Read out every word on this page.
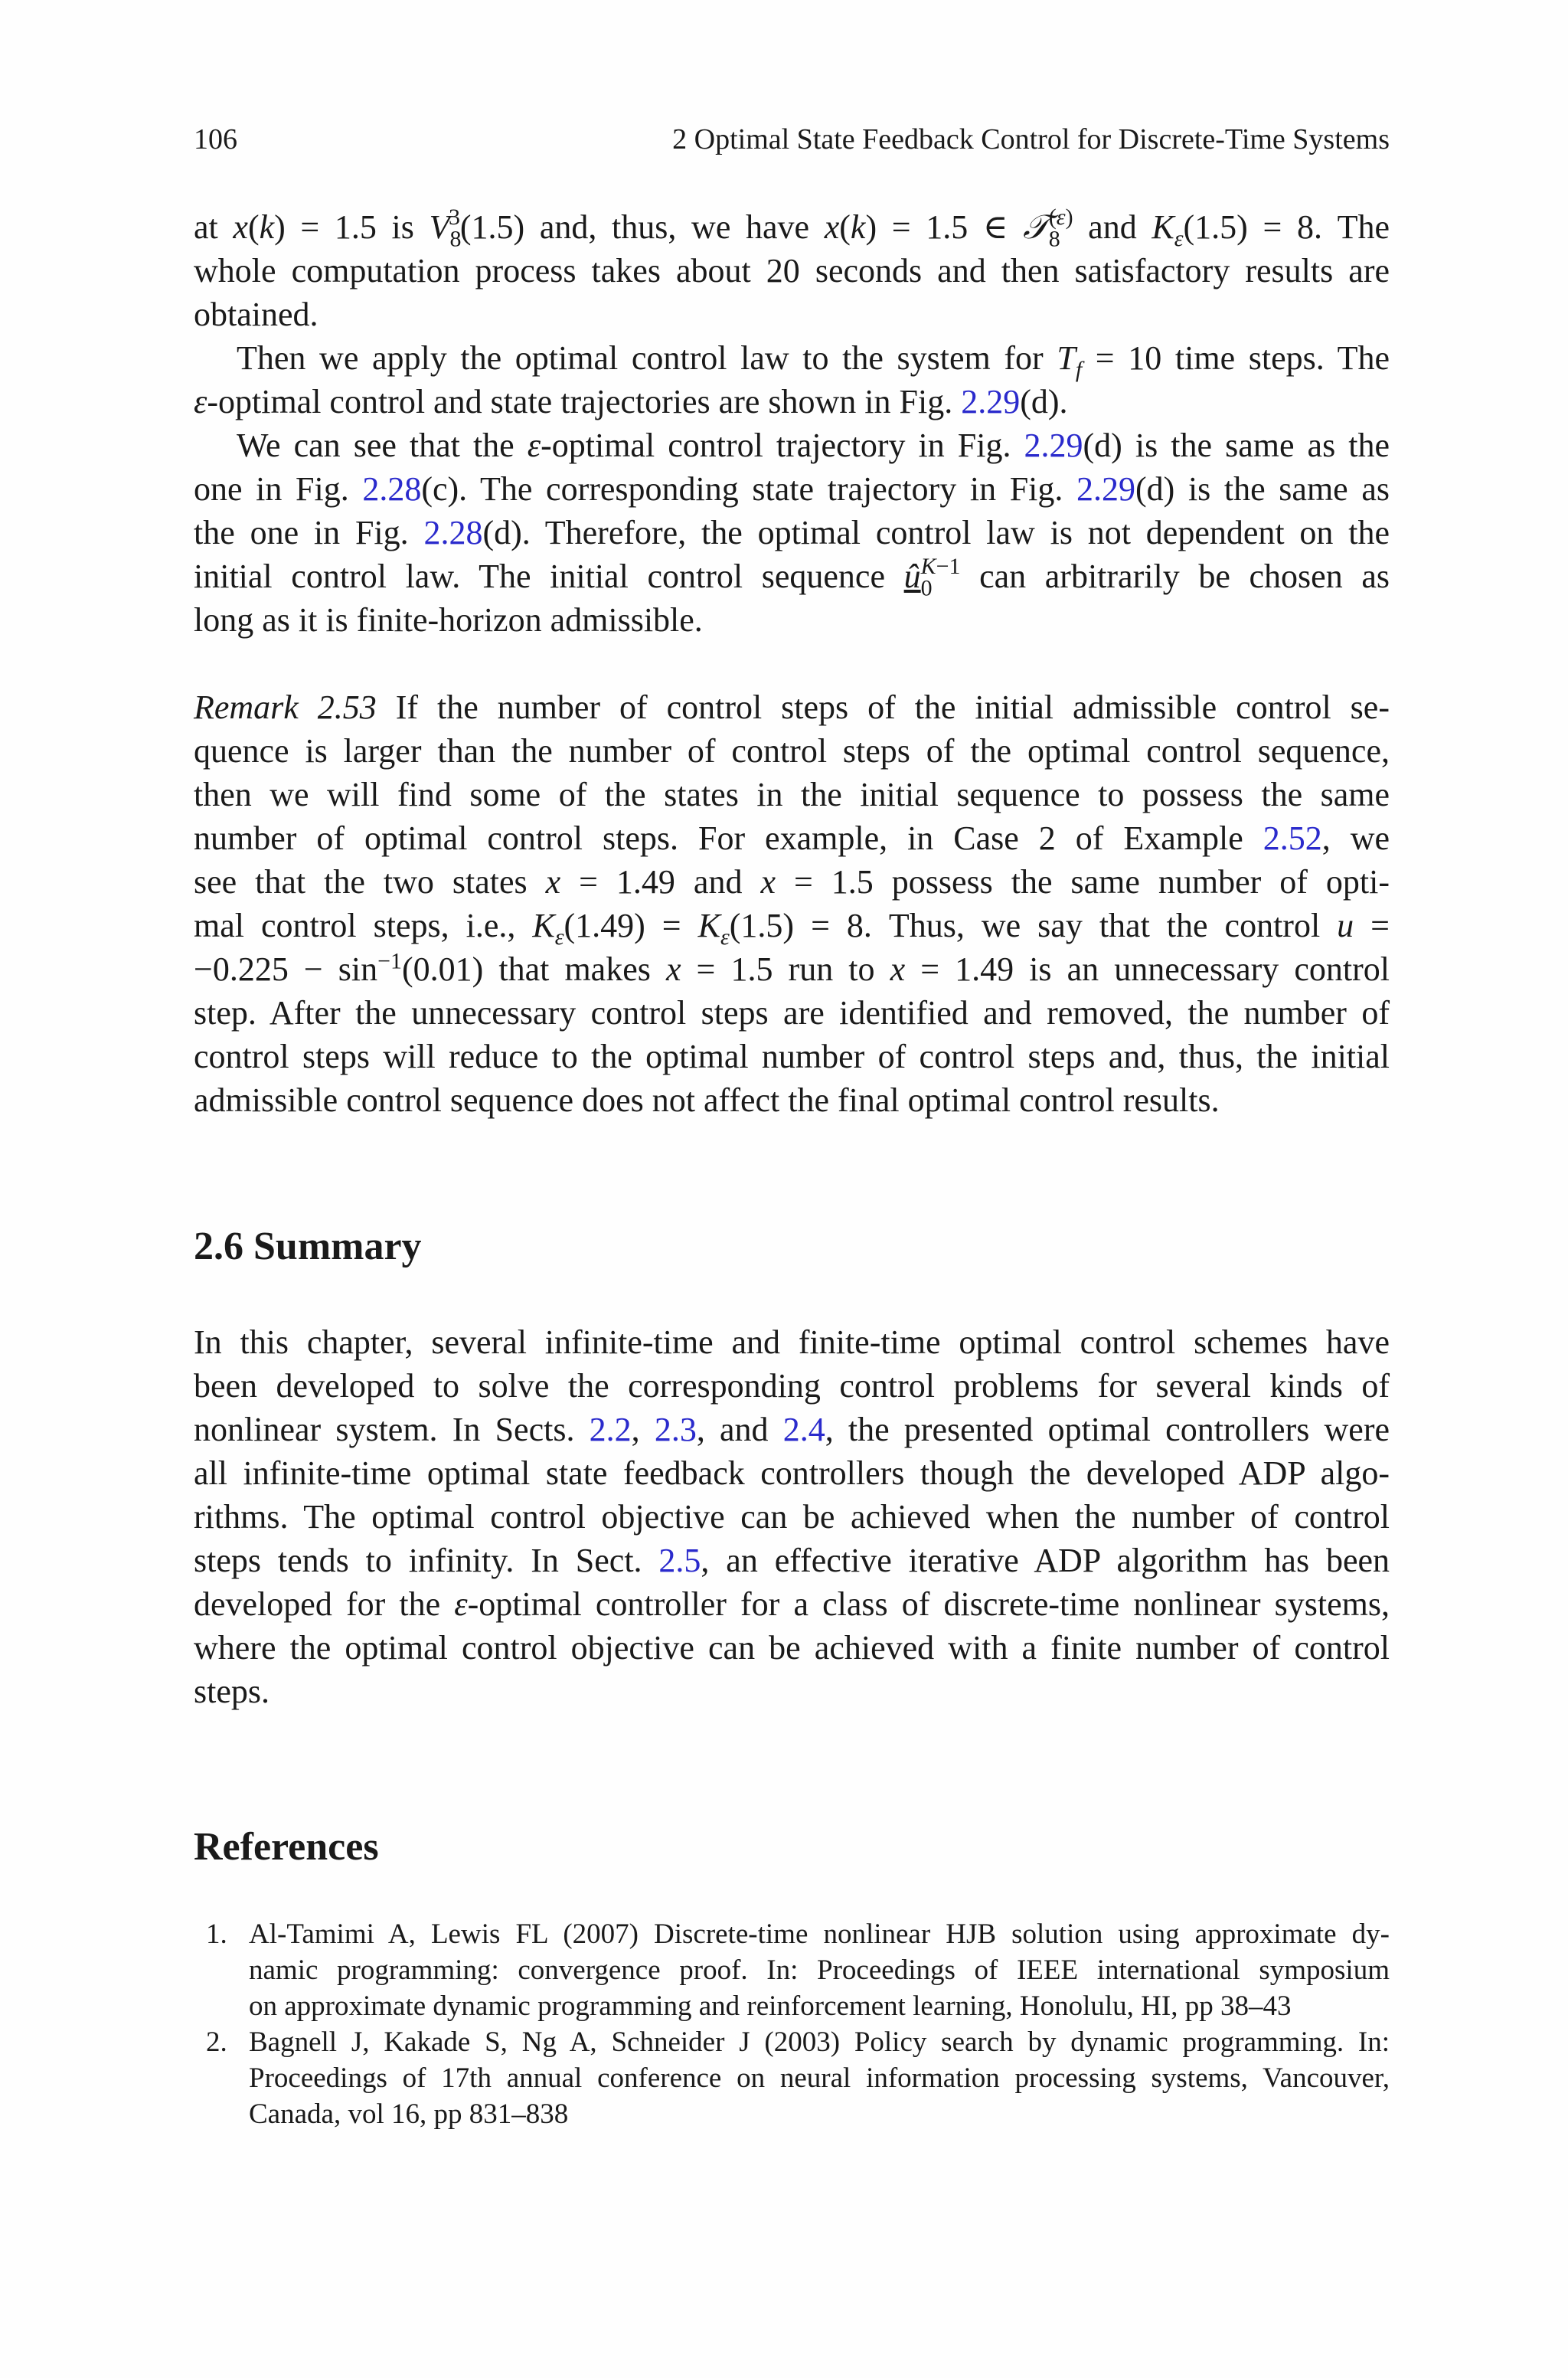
106	2 Optimal State Feedback Control for Discrete-Time Systems
at x(k) = 1.5 is $V_8^3(1.5)$ and, thus, we have x(k) = 1.5 ∈ 𝒯$_8^{(\varepsilon)}$ and $K_\varepsilon(1.5) = 8$. The
whole computation process takes about 20 seconds and then satisfactory results are
obtained.
Then we apply the optimal control law to the system for $T_f = 10$ time steps. The
ε-optimal control and state trajectories are shown in Fig. 2.29(d).
We can see that the ε-optimal control trajectory in Fig. 2.29(d) is the same as the
one in Fig. 2.28(c). The corresponding state trajectory in Fig. 2.29(d) is the same as
the one in Fig. 2.28(d). Therefore, the optimal control law is not dependent on the
initial control law. The initial control sequence $û_0^{K-1}$ can arbitrarily be chosen as
long as it is finite-horizon admissible.
Remark 2.53 If the number of control steps of the initial admissible control se-
quence is larger than the number of control steps of the optimal control sequence,
then we will find some of the states in the initial sequence to possess the same
number of optimal control steps. For example, in Case 2 of Example 2.52, we
see that the two states x = 1.49 and x = 1.5 possess the same number of opti-
mal control steps, i.e., $K_\varepsilon(1.49) = K_\varepsilon(1.5) = 8$. Thus, we say that the control u =
$-0.225 - \sin^{-1}(0.01)$ that makes x = 1.5 run to x = 1.49 is an unnecessary control
step. After the unnecessary control steps are identified and removed, the number of
control steps will reduce to the optimal number of control steps and, thus, the initial
admissible control sequence does not affect the final optimal control results.
2.6 Summary
In this chapter, several infinite-time and finite-time optimal control schemes have
been developed to solve the corresponding control problems for several kinds of
nonlinear system. In Sects. 2.2, 2.3, and 2.4, the presented optimal controllers were
all infinite-time optimal state feedback controllers though the developed ADP algo-
rithms. The optimal control objective can be achieved when the number of control
steps tends to infinity. In Sect. 2.5, an effective iterative ADP algorithm has been
developed for the ε-optimal controller for a class of discrete-time nonlinear systems,
where the optimal control objective can be achieved with a finite number of control
steps.
References
1. Al-Tamimi A, Lewis FL (2007) Discrete-time nonlinear HJB solution using approximate dy-
namic programming: convergence proof. In: Proceedings of IEEE international symposium
on approximate dynamic programming and reinforcement learning, Honolulu, HI, pp 38–43
2. Bagnell J, Kakade S, Ng A, Schneider J (2003) Policy search by dynamic programming. In:
Proceedings of 17th annual conference on neural information processing systems, Vancouver,
Canada, vol 16, pp 831–838
